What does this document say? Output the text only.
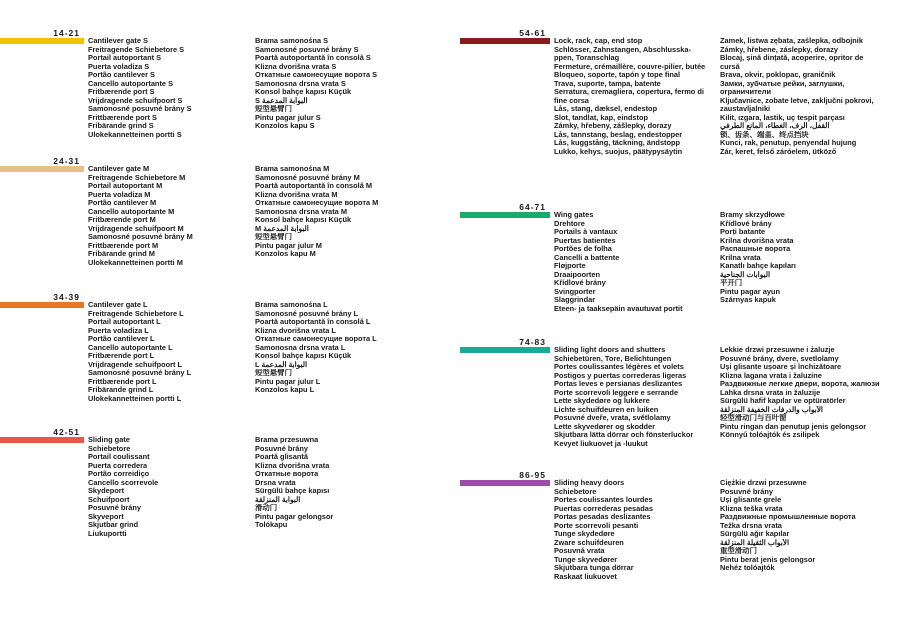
14-21
Cantilever gate S
Freitragende Schiebetore S
Portail autoportant S
Puerta voladiza S
Portão cantilever S
Cancello autoportante S
Fritbærende port S
Vrijdragende schuifpoort S
Samonosné posuvné brány S
Frittbærende port S
Fribärande grind S
Ulokekannetteinen portti S
Brama samonośna S
Samonosné posuvné brány S
Poartă autoportantă în consolă S
Klizna dvorišna vrata S
Откатные самонесущие ворота S
Samonosna drsna vrata S
Konsol bahçe kapısı Küçük
S البوابة المدعمة
短型悬臂门
Pintu pagar julur S
Konzolos kapu S
24-31
Cantilever gate M
Freitragende Schiebetore M
Portail autoportant M
Puerta voladiza M
Portão cantilever M
Cancello autoportante M
Fritbærende port M
Vrijdragende schuifpoort M
Samonosné posuvné brány M
Frittbærende port M
Fribärande grind M
Ulokekannetteinen portti M
Brama samonośna M
Samonosné posuvné brány M
Poartă autoportantă în consolă M
Klizna dvorišna vrata M
Откатные самонесущие ворота M
Samonosna drsna vrata M
Konsol bahçe kapısı Küçük
M البوابة المدعمة
短型悬臂门
Pintu pagar julur M
Konzolos kapu M
34-39
Cantilever gate L
Freitragende Schiebetore L
Portail autoportant L
Puerta voladiza L
Portão cantilever L
Cancello autoportante L
Fritbærende port L
Vrijdragende schuifpoort L
Samonosné posuvné brány L
Frittbærende port L
Fribärande grind L
Ulokekannetteinen portti L
Brama samonośna L
Samonosné posuvné brány L
Poartă autoportantă în consolă L
Klizna dvorišna vrata L
Откатные самонесущие ворота L
Samonosna drsna vrata L
Konsol bahçe kapısı Küçük
L البوابة المدعمة
短型悬臂门
Pintu pagar julur L
Konzolos kapu L
42-51
Sliding gate
Schiebetore
Portail coulissant
Puerta corredera
Portão correidiço
Cancello scorrevole
Skydeport
Schuifpoort
Posuvné brány
Skyveport
Skjutbar grind
Liukuportti
Brama przesuwna
Posuvné brány
Poartă glisantă
Klizna dvorišna vrata
Откатные ворота
Drsna vrata
Sürgülü bahçe kapısı
البوابة المنزلقة
滑动门
Pintu pagar gelongsor
Tolókapu
54-61
Lock, rack, cap, end stop
Schlösser, Zahnstangen, Abschlusska-
ppen, Toranschlag
Fermeture, crémaillère, couvre-pilier, butée
Bloqueo, soporte, tapón y tope final
Trava, suporte, tampa, batente
Serratura, cremagliera, copertura, fermo di
fine corsa
Lås, stang, dæksel, endestop
Slot, tandlat, kap, eindstop
Zámky, hřebeny, zášlepky, dorazy
Lås, tannstang, beslag, endestopper
Lås, kuggstång, täckning, ändstopp
Lukko, kehys, suojus, päätypysäytin
Zamek, listwa zębata, zaślepka, odbojnik
Zámky, hřebene, záslepky, dorazy
Blocaj, șină dințată, acoperire, opritor de
cursă
Brava, okvir, poklopac, graničnik
Замки, зубчатые рейки, заглушки,
ограничители
Ključavnice, zobate letve, zaključni pokrovi,
zaustavljalniki
Kilit, ızgara, lastik, uç tespit parçası
القفل، الرف، الغطاء، المانع الطرفي
锁、齿条、端盖、终点挡块
Kunci, rak, penutup, penyendal hujung
Zár, keret, felső záróelem, ütköző
64-71
Wing gates
Drehtore
Portails à vantaux
Puertas batientes
Portões de folha
Cancelli a battente
Fløjporte
Draaipoorten
Křídlové brány
Svingporter
Slaggrindar
Eteen- ja taaksepäin avautuvat portit
Bramy skrzydłowe
Křídlové brány
Porți batante
Krilna dvorišna vrata
Распашные ворота
Krilna vrata
Kanatlı bahçe kapıları
البوابات الجناحية
平开门
Pintu pagar ayun
Szárnyas kapuk
74-83
Sliding light doors and shutters
Schiebetüren, Tore, Belichtungen
Portes coulissantes légères et volets
Postigos y puertas correderas ligeras
Portas leves e persianas deslizantes
Porte scorrevoli leggere e serrande
Lette skydedøre og lukkere
Lichte schuifdeuren en luiken
Posuvné dveře, vrata, světlolamy
Lette skyvedører og skodder
Skjutbara lätta dörrar och fönsterluckor
Kevyet liukuovet ja -luukut
Lekkie drzwi przesuwne i żaluzje
Posuvné brány, dvere, svetlolamy
Uși glisante ușoare și închizătoare
Klizna lagana vrata i žaluzine
Раздвижные легкие двери, ворота, жалюзи
Lahka drsna vrata in žaluzije
Sürgülü hafif kapılar ve optüratörler
الأبواب والدرفات الخفيفة المنزلقة
轻型滑动门与百叶窗
Pintu ringan dan penutup jenis gelongsor
Könnyű tolóajtók és zsilipek
86-95
Sliding heavy doors
Schiebetore
Portes coulissantes lourdes
Puertas correderas pesadas
Portas pesadas deslizantes
Porte scorrevoli pesanti
Tunge skydedøre
Zware schuifdeuren
Posuvná vrata
Tunge skyvedører
Skjutbara tunga dörrar
Raskaat liukuovet
Ciężkie drzwi przesuwne
Posuvné brány
Uși glisante grele
Klizna teška vrata
Раздвижные промышленные ворота
Težka drsna vrata
Sürgülü ağır kapılar
الأبواب الثقيلة المنزلقة
重型滑动门
Pintu berat jenis gelongsor
Nehéz tolóajtók
